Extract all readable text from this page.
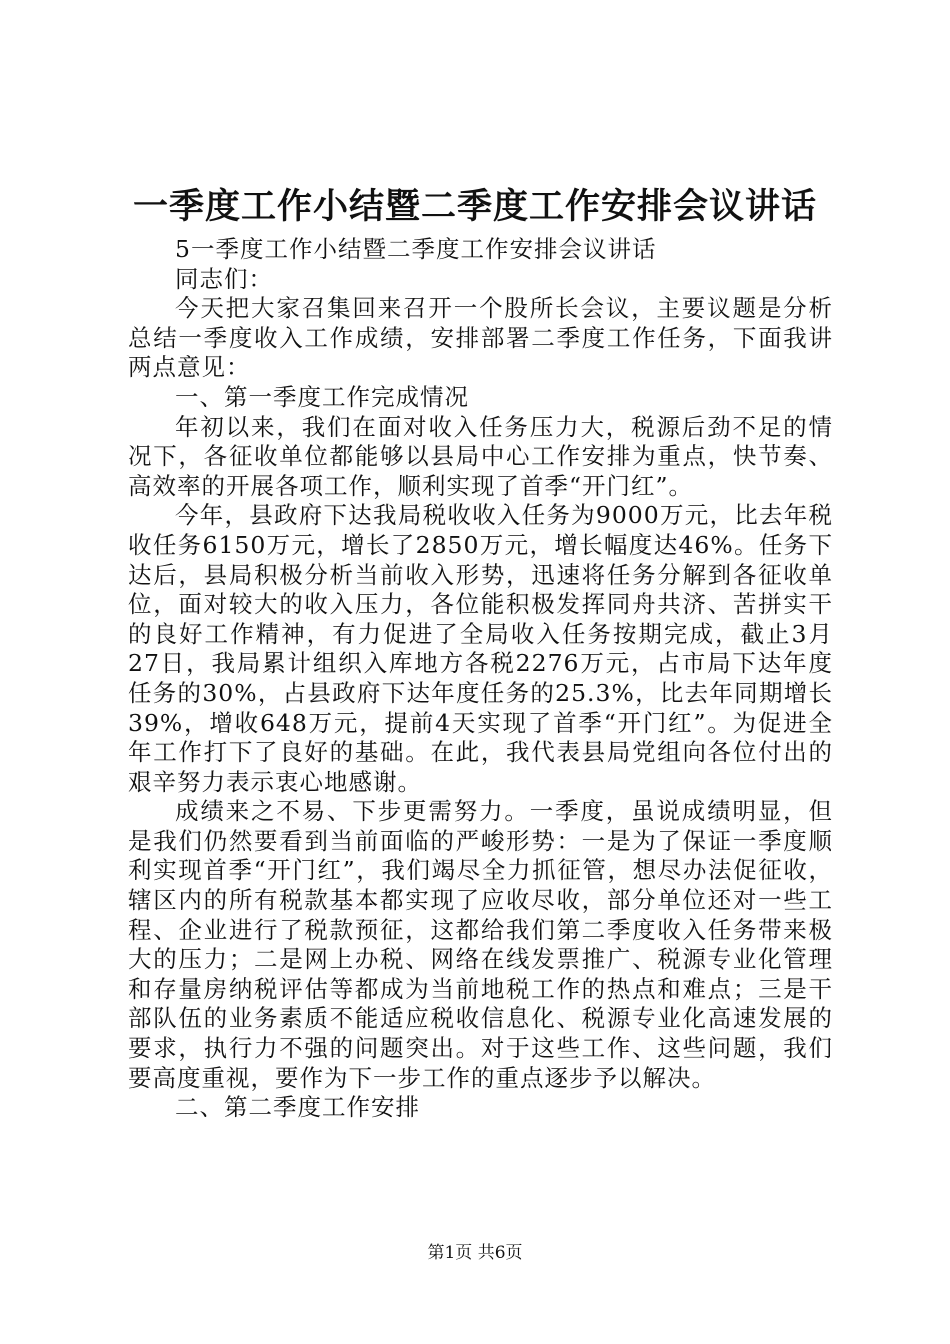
一季度工作小结暨二季度工作安排会议讲话

5一季度工作小结暨二季度工作安排会议讲话

同志们：

今天把大家召集回来召开一个股所长会议，主要议题是分析总结一季度收入工作成绩，安排部署二季度工作任务，下面我讲两点意见：

一、第一季度工作完成情况

年初以来，我们在面对收入任务压力大，税源后劲不足的情况下，各征收单位都能够以县局中心工作安排为重点，快节奏、高效率的开展各项工作，顺利实现了首季“开门红”。

今年，县政府下达我局税收收入任务为9000万元，比去年税收任务6150万元，增长了2850万元，增长幅度达46%。任务下达后，县局积极分析当前收入形势，迅速将任务分解到各征收单位，面对较大的收入压力，各位能积极发挥同舟共济、苦拼实干的良好工作精神，有力促进了全局收入任务按期完成，截止3月27日，我局累计组织入库地方各税2276万元，占市局下达年度任务的30%，占县政府下达年度任务的25.3%，比去年同期增长39%，增收648万元，提前4天实现了首季“开门红”。为促进全年工作打下了良好的基础。在此，我代表县局党组向各位付出的艰辛努力表示衷心地感谢。

成绩来之不易、下步更需努力。一季度，虽说成绩明显，但是我们仍然要看到当前面临的严峻形势：一是为了保证一季度顺利实现首季“开门红”，我们竭尽全力抓征管，想尽办法促征收，辖区内的所有税款基本都实现了应收尽收，部分单位还对一些工程、企业进行了税款预征，这都给我们第二季度收入任务带来极大的压力；二是网上办税、网络在线发票推广、税源专业化管理和存量房纳税评估等都成为当前地税工作的热点和难点；三是干部队伍的业务素质不能适应税收信息化、税源专业化高速发展的要求，执行力不强的问题突出。对于这些工作、这些问题，我们要高度重视，要作为下一步工作的重点逐步予以解决。

二、第二季度工作安排

第1页 共6页
